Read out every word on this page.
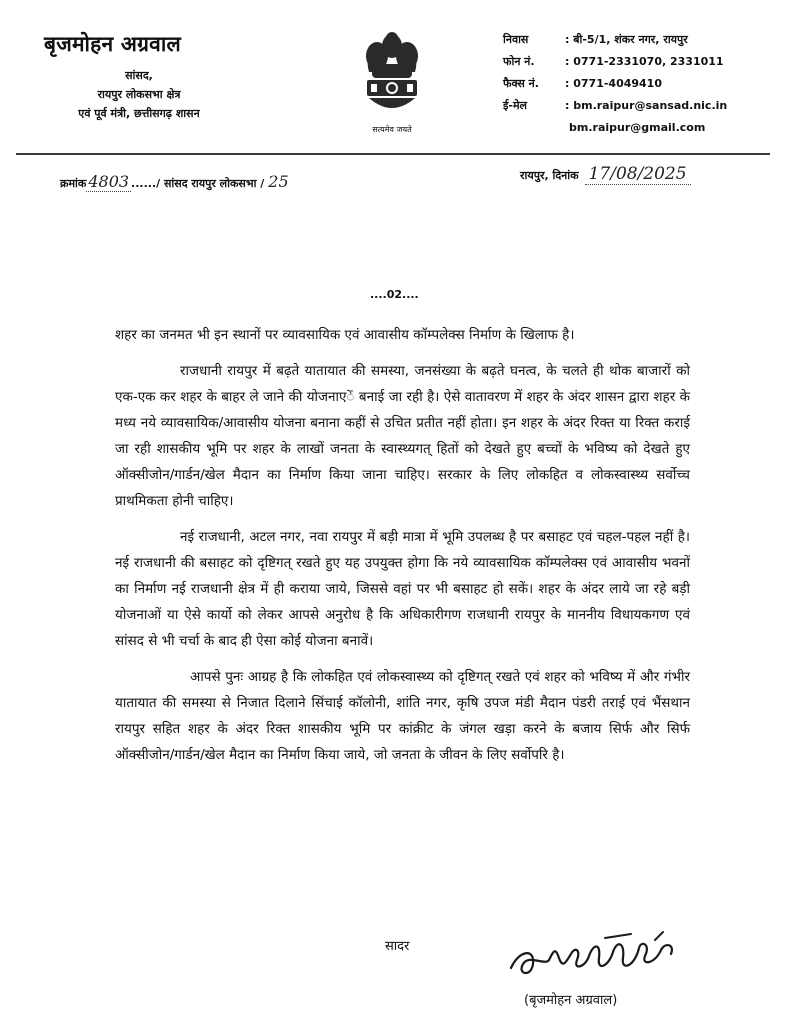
बृजमोहन अग्रवाल
सांसद,
रायपुर लोकसभा क्षेत्र
एवं पूर्व मंत्री, छत्तीसगढ़ शासन
सत्यमेव जयते
निवास	: बी-5/1, शंकर नगर, रायपुर
फोन नं.	: 0771-2331070, 2331011
फैक्स नं.	: 0771-4049410
ई-मेल	: bm.raipur@sansad.nic.in
bm.raipur@gmail.com
क्रमांक 4803 ...... / सांसद रायपुर लोकसभा / 25	रायपुर, दिनांक 17/08/2025
....02....

शहर का जनमत भी इन स्थानों पर व्यावसायिक एवं आवासीय कॉम्पलेक्स निर्माण के खिलाफ है।

राजधानी रायपुर में बढ़ते यातायात की समस्या, जनसंख्या के बढ़ते घनत्व, के चलते ही थोक बाजारों को एक-एक कर शहर के बाहर ले जाने की योजनाएें बनाई जा रही है। ऐसे वातावरण में शहर के अंदर शासन द्वारा शहर के मध्य नये व्यावसायिक/आवासीय योजना बनाना कहीं से उचित प्रतीत नहीं होता। इन शहर के अंदर रिक्त या रिक्त कराई जा रही शासकीय भूमि पर शहर के लाखों जनता के स्वास्थ्यगत् हितों को देखते हुए बच्चों के भविष्य को देखते हुए ऑक्सीजोन/गार्डन/खेल मैदान का निर्माण किया जाना चाहिए। सरकार के लिए लोकहित व लोकस्वास्थ्य सर्वोच्च प्राथमिकता होनी चाहिए।

नई राजधानी, अटल नगर, नवा रायपुर में बड़ी मात्रा में भूमि उपलब्ध है पर बसाहट एवं चहल-पहल नहीं है। नई राजधानी की बसाहट को दृष्टिगत् रखते हुए यह उपयुक्त होगा कि नये व्यावसायिक कॉम्पलेक्स एवं आवासीय भवनों का निर्माण नई राजधानी क्षेत्र में ही कराया जाये, जिससे वहां पर भी बसाहट हो सकें। शहर के अंदर लाये जा रहे बड़ी योजनाओं या ऐसे कार्यो को लेकर आपसे अनुरोध है कि अधिकारीगण राजधानी रायपुर के माननीय विधायकगण एवं सांसद से भी चर्चा के बाद ही ऐसा कोई योजना बनावें।

आपसे पुनः आग्रह है कि लोकहित एवं लोकस्वास्थ्य को दृष्टिगत् रखते एवं शहर को भविष्य में और गंभीर यातायात की समस्या से निजात दिलाने सिंचाई कॉलोनी, शांति नगर, कृषि उपज मंडी मैदान पंडरी तराई एवं भैंसथान रायपुर सहित शहर के अंदर रिक्त शासकीय भूमि पर कांक्रीट के जंगल खड़ा करने के बजाय सिर्फ और सिर्फ ऑक्सीजोन/गार्डन/खेल मैदान का निर्माण किया जाये, जो जनता के जीवन के लिए सर्वोपरि है।

सादर
(बृजमोहन अग्रवाल)
